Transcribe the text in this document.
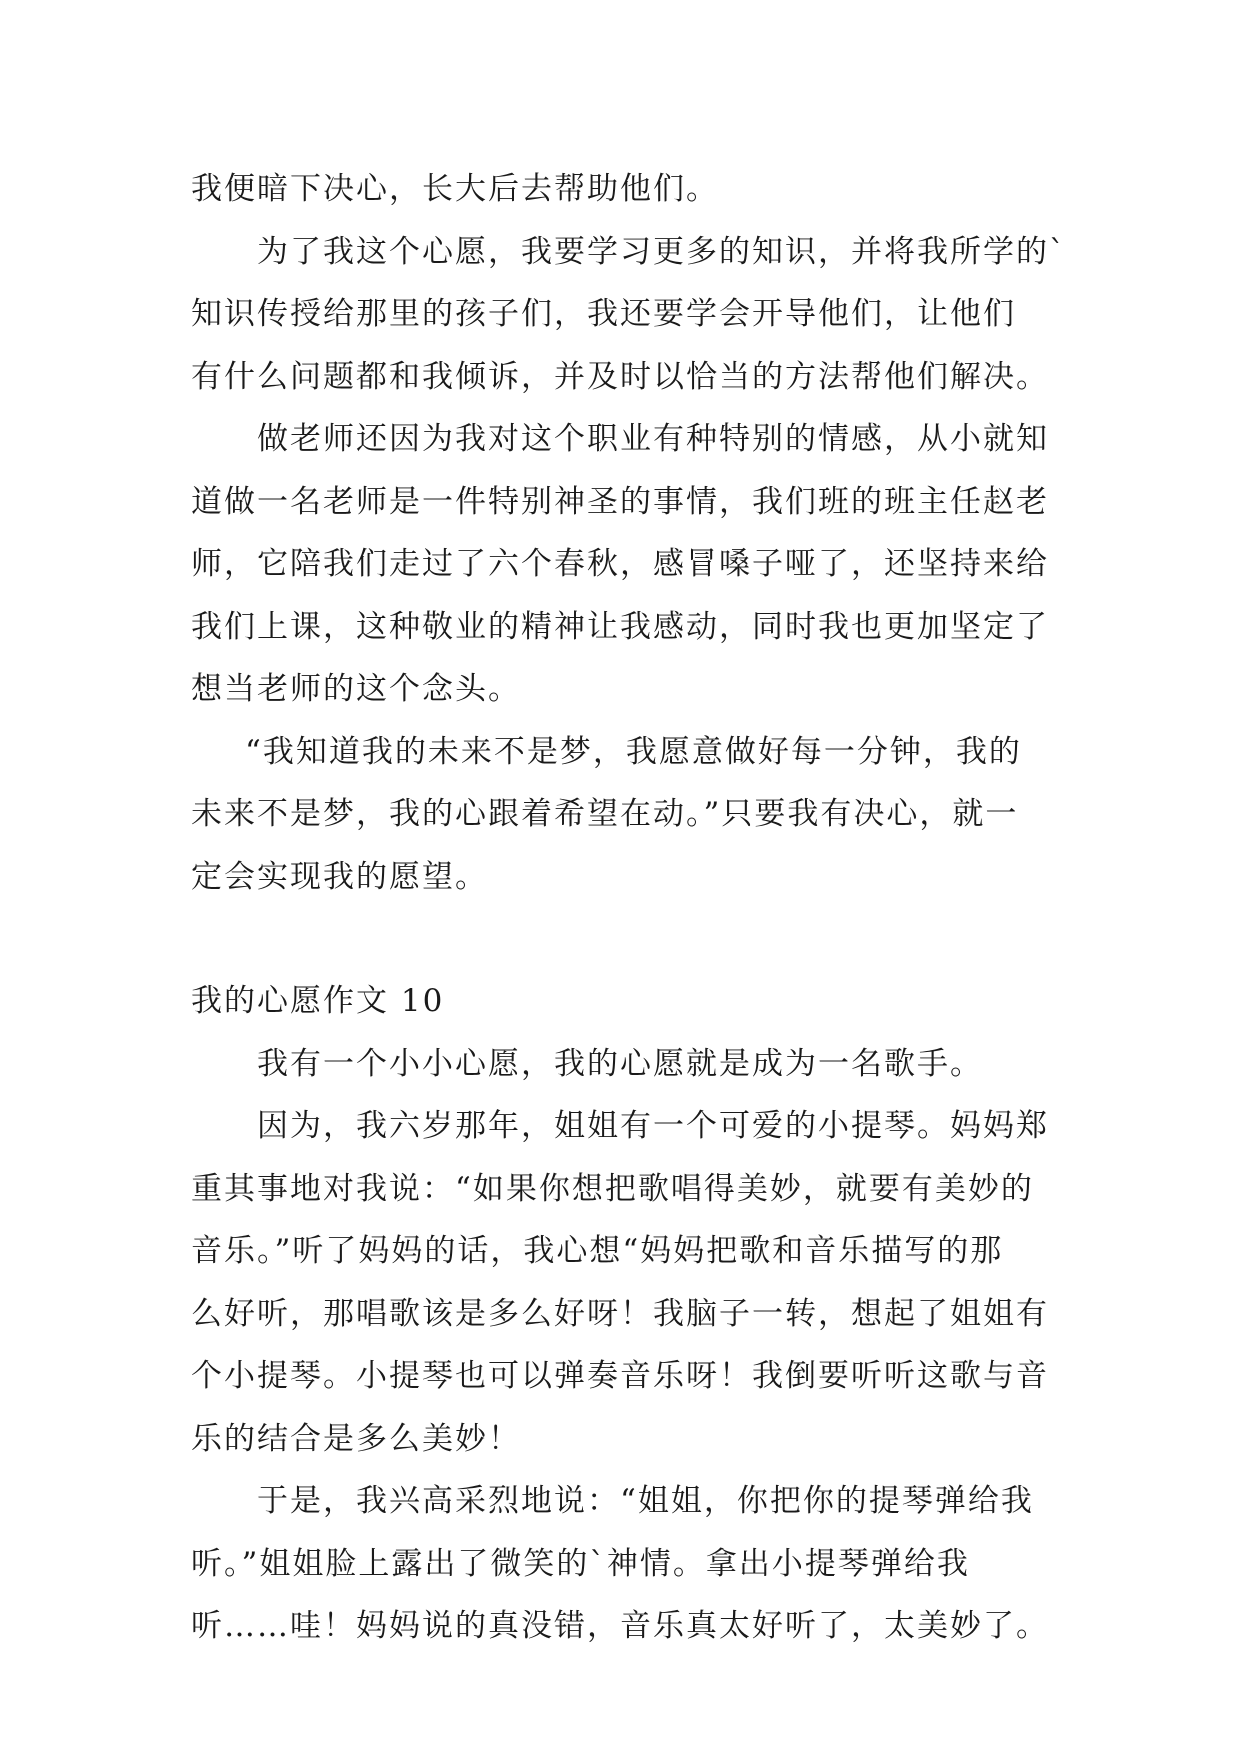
我便暗下决心，长大后去帮助他们。
为了我这个心愿，我要学习更多的知识，并将我所学的`
知识传授给那里的孩子们，我还要学会开导他们，让他们
有什么问题都和我倾诉，并及时以恰当的方法帮他们解决。
做老师还因为我对这个职业有种特别的情感，从小就知
道做一名老师是一件特别神圣的事情，我们班的班主任赵老
师，它陪我们走过了六个春秋，感冒嗓子哑了，还坚持来给
我们上课，这种敬业的精神让我感动，同时我也更加坚定了
想当老师的这个念头。
“我知道我的未来不是梦，我愿意做好每一分钟，我的
未来不是梦，我的心跟着希望在动。”只要我有决心，就一
定会实现我的愿望。
我的心愿作文 10
我有一个小小心愿，我的心愿就是成为一名歌手。
因为，我六岁那年，姐姐有一个可爱的小提琴。妈妈郑
重其事地对我说：“如果你想把歌唱得美妙，就要有美妙的
音乐。”听了妈妈的话，我心想“妈妈把歌和音乐描写的那
么好听，那唱歌该是多么好呀！我脑子一转，想起了姐姐有
个小提琴。小提琴也可以弹奏音乐呀！我倒要听听这歌与音
乐的结合是多么美妙！
于是，我兴高采烈地说：“姐姐，你把你的提琴弹给我
听。”姐姐脸上露出了微笑的`神情。拿出小提琴弹给我
听……哇！妈妈说的真没错，音乐真太好听了，太美妙了。
